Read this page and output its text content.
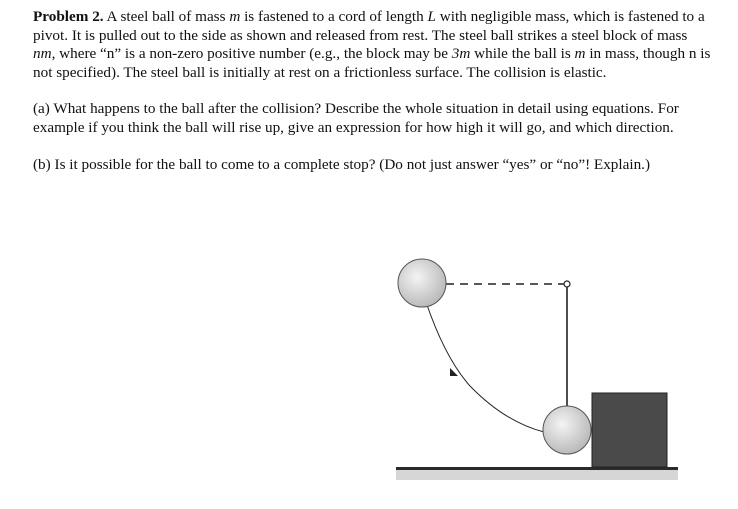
Problem 2. A steel ball of mass m is fastened to a cord of length L with negligible mass, which is fastened to a pivot. It is pulled out to the side as shown and released from rest. The steel ball strikes a steel block of mass nm, where “n” is a non-zero positive number (e.g., the block may be 3m while the ball is m in mass, though n is not specified). The steel ball is initially at rest on a frictionless surface. The collision is elastic.

(a) What happens to the ball after the collision? Describe the whole situation in detail using equations. For example if you think the ball will rise up, give an expression for how high it will go, and which direction.

(b) Is it possible for the ball to come to a complete stop? (Do not just answer “yes” or “no”! Explain.)
